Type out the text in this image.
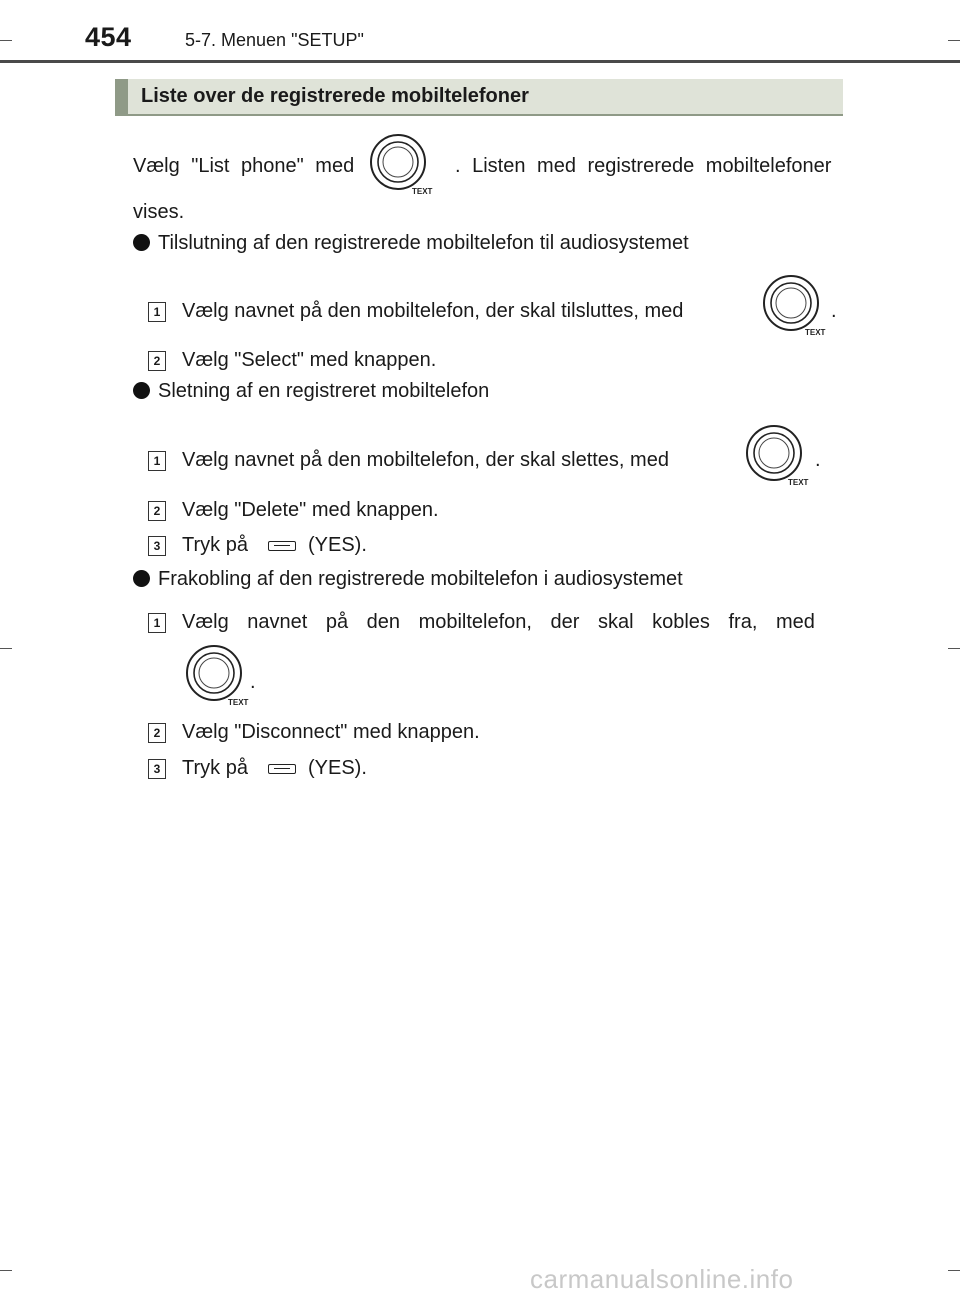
454	5-7. Menuen "SETUP"
Liste over de registrerede mobiltelefoner
Vælg "List phone" med	. Listen med registrerede mobiltelefoner
vises.
TEXT
Tilslutning af den registrerede mobiltelefon til audiosystemet
1 Vælg navnet på den mobiltelefon, der skal tilsluttes, med
TEXT
.
2 Vælg "Select" med knappen.
Sletning af en registreret mobiltelefon
1 Vælg navnet på den mobiltelefon, der skal slettes, med
TEXT
.
2 Vælg "Delete" med knappen.
3 Tryk på	(YES).
Frakobling af den registrerede mobiltelefon i audiosystemet
1 Vælg navnet på den mobiltelefon, der skal kobles fra, med
TEXT
.
2 Vælg "Disconnect" med knappen.
3 Tryk på	(YES).
carmanualsonline.info
